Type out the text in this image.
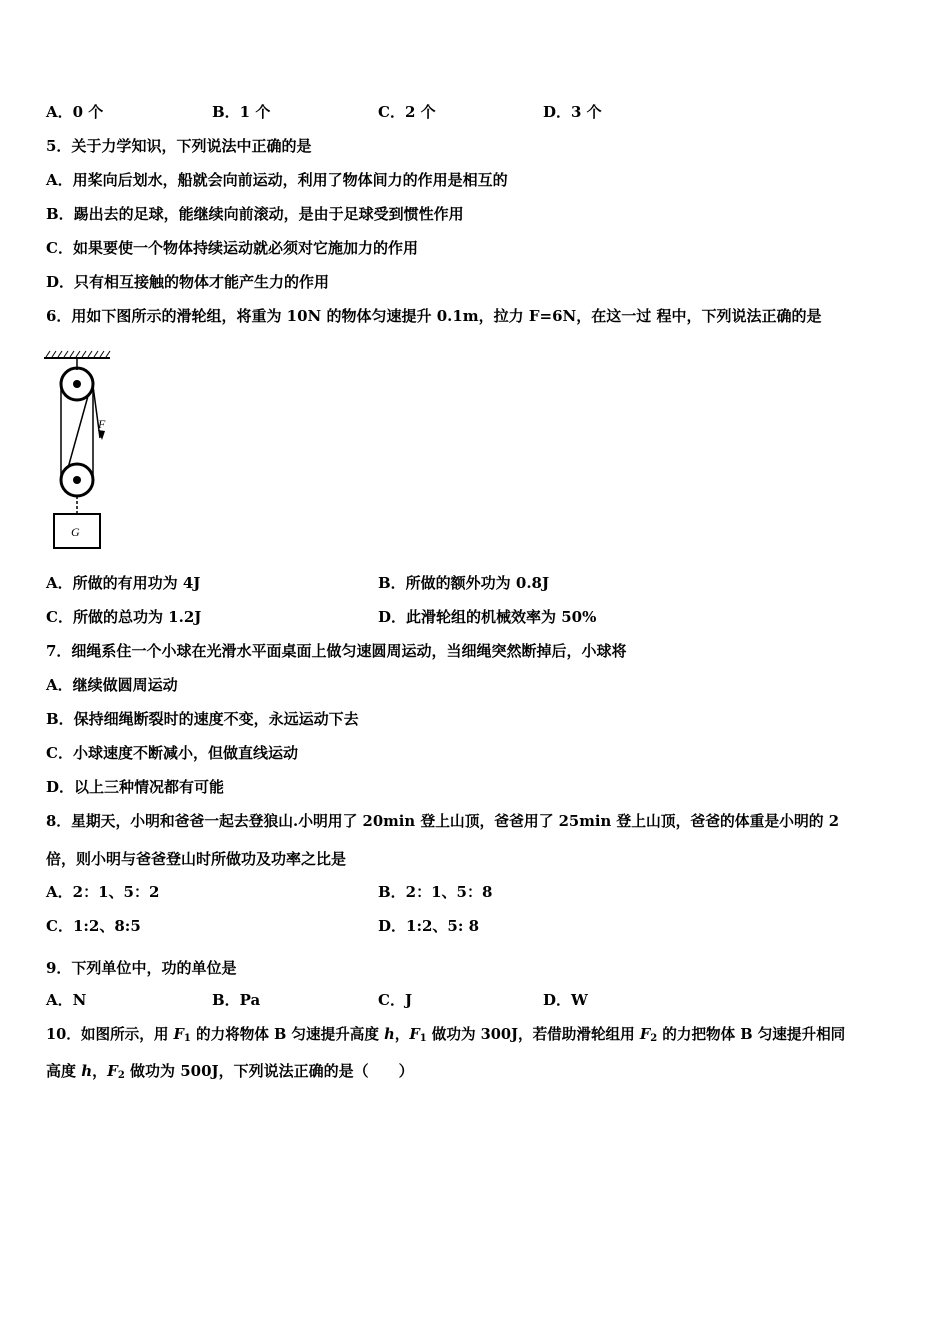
A．0 个	B．1 个	C．2 个	D．3 个
5．关于力学知识，下列说法中正确的是
A．用桨向后划水，船就会向前运动，利用了物体间力的作用是相互的
B．踢出去的足球，能继续向前滚动，是由于足球受到惯性作用
C．如果要使一个物体持续运动就必须对它施加力的作用
D．只有相互接触的物体才能产生力的作用
6．用如下图所示的滑轮组，将重为 10N 的物体匀速提升 0.1m，拉力 F=6N，在这一过 程中，下列说法正确的是
F
G
A．所做的有用功为 4J	B．所做的额外功为 0.8J
C．所做的总功为 1.2J	D．此滑轮组的机械效率为 50%
7．细绳系住一个小球在光滑水平面桌面上做匀速圆周运动，当细绳突然断掉后，小球将
A．继续做圆周运动
B．保持细绳断裂时的速度不变，永远运动下去
C．小球速度不断减小，但做直线运动
D．以上三种情况都有可能
8．星期天，小明和爸爸一起去登狼山.小明用了 20min 登上山顶，爸爸用了 25min 登上山顶，爸爸的体重是小明的 2
倍，则小明与爸爸登山时所做功及功率之比是
A．2：1、5：2	B．2：1、5：8
C．1:2、8:5	D．1:2、5: 8
9．下列单位中，功的单位是
A．N	B．Pa	C．J	D．W
10．如图所示，用 $F_1$ 的力将物体 B 匀速提升高度 h，$F_1$ 做功为 300J，若借助滑轮组用 $F_2$ 的力把物体 B 匀速提升相同
高度 h，$F_2$ 做功为 500J，下列说法正确的是（　　）
